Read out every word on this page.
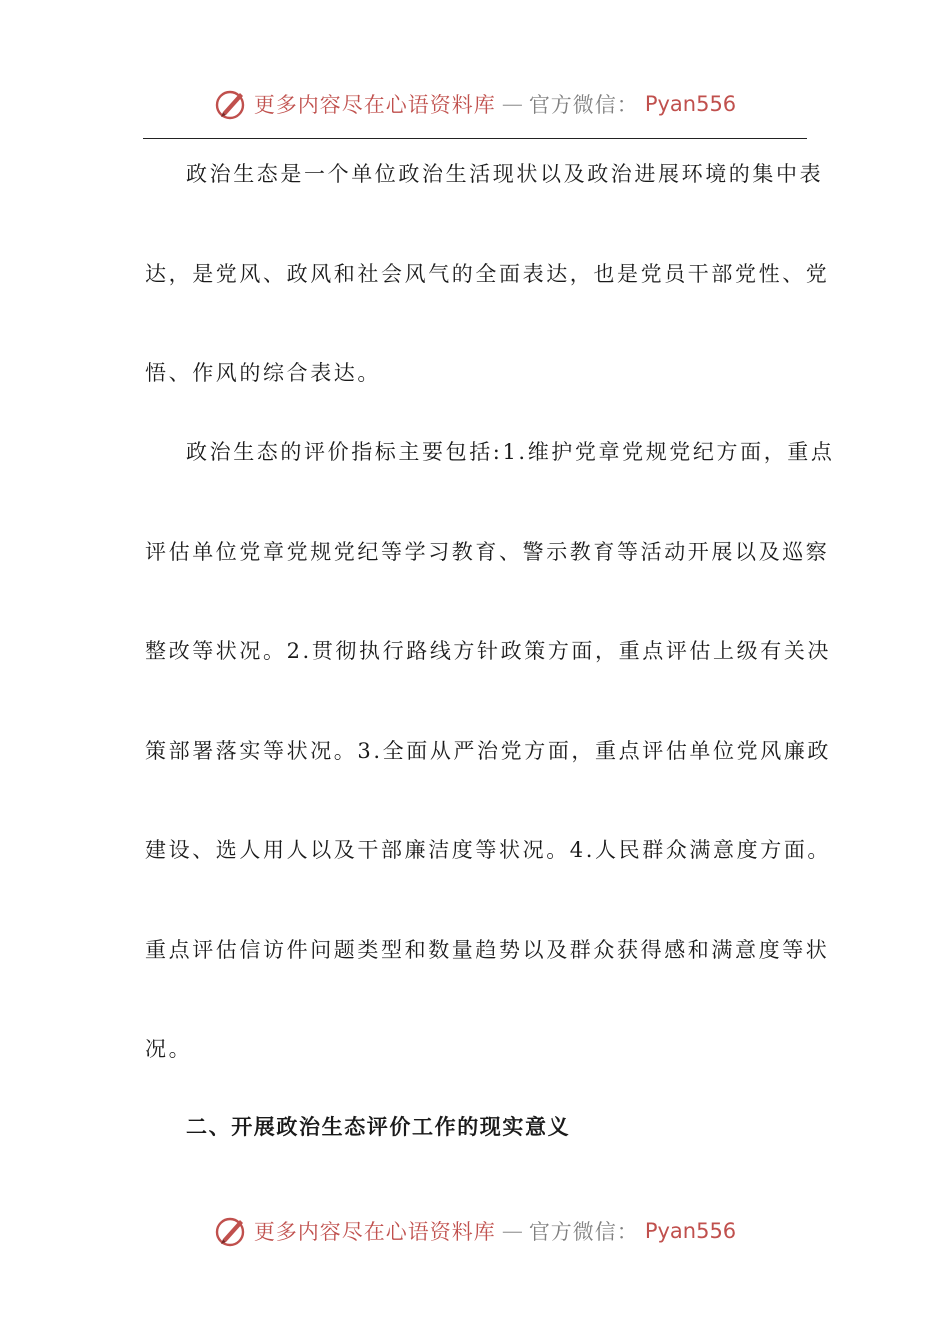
更多内容尽在心语资料库 — 官方微信： Pyan556
政治生态是一个单位政治生活现状以及政治进展环境的集中表
达，是党风、政风和社会风气的全面表达，也是党员干部党性、党
悟、作风的综合表达。
政治生态的评价指标主要包括:1.维护党章党规党纪方面，重点
评估单位党章党规党纪等学习教育、警示教育等活动开展以及巡察
整改等状况。2.贯彻执行路线方针政策方面，重点评估上级有关决
策部署落实等状况。3.全面从严治党方面，重点评估单位党风廉政
建设、选人用人以及干部廉洁度等状况。4.人民群众满意度方面。
重点评估信访件问题类型和数量趋势以及群众获得感和满意度等状
况。
二、开展政治生态评价工作的现实意义
更多内容尽在心语资料库 — 官方微信： Pyan556
